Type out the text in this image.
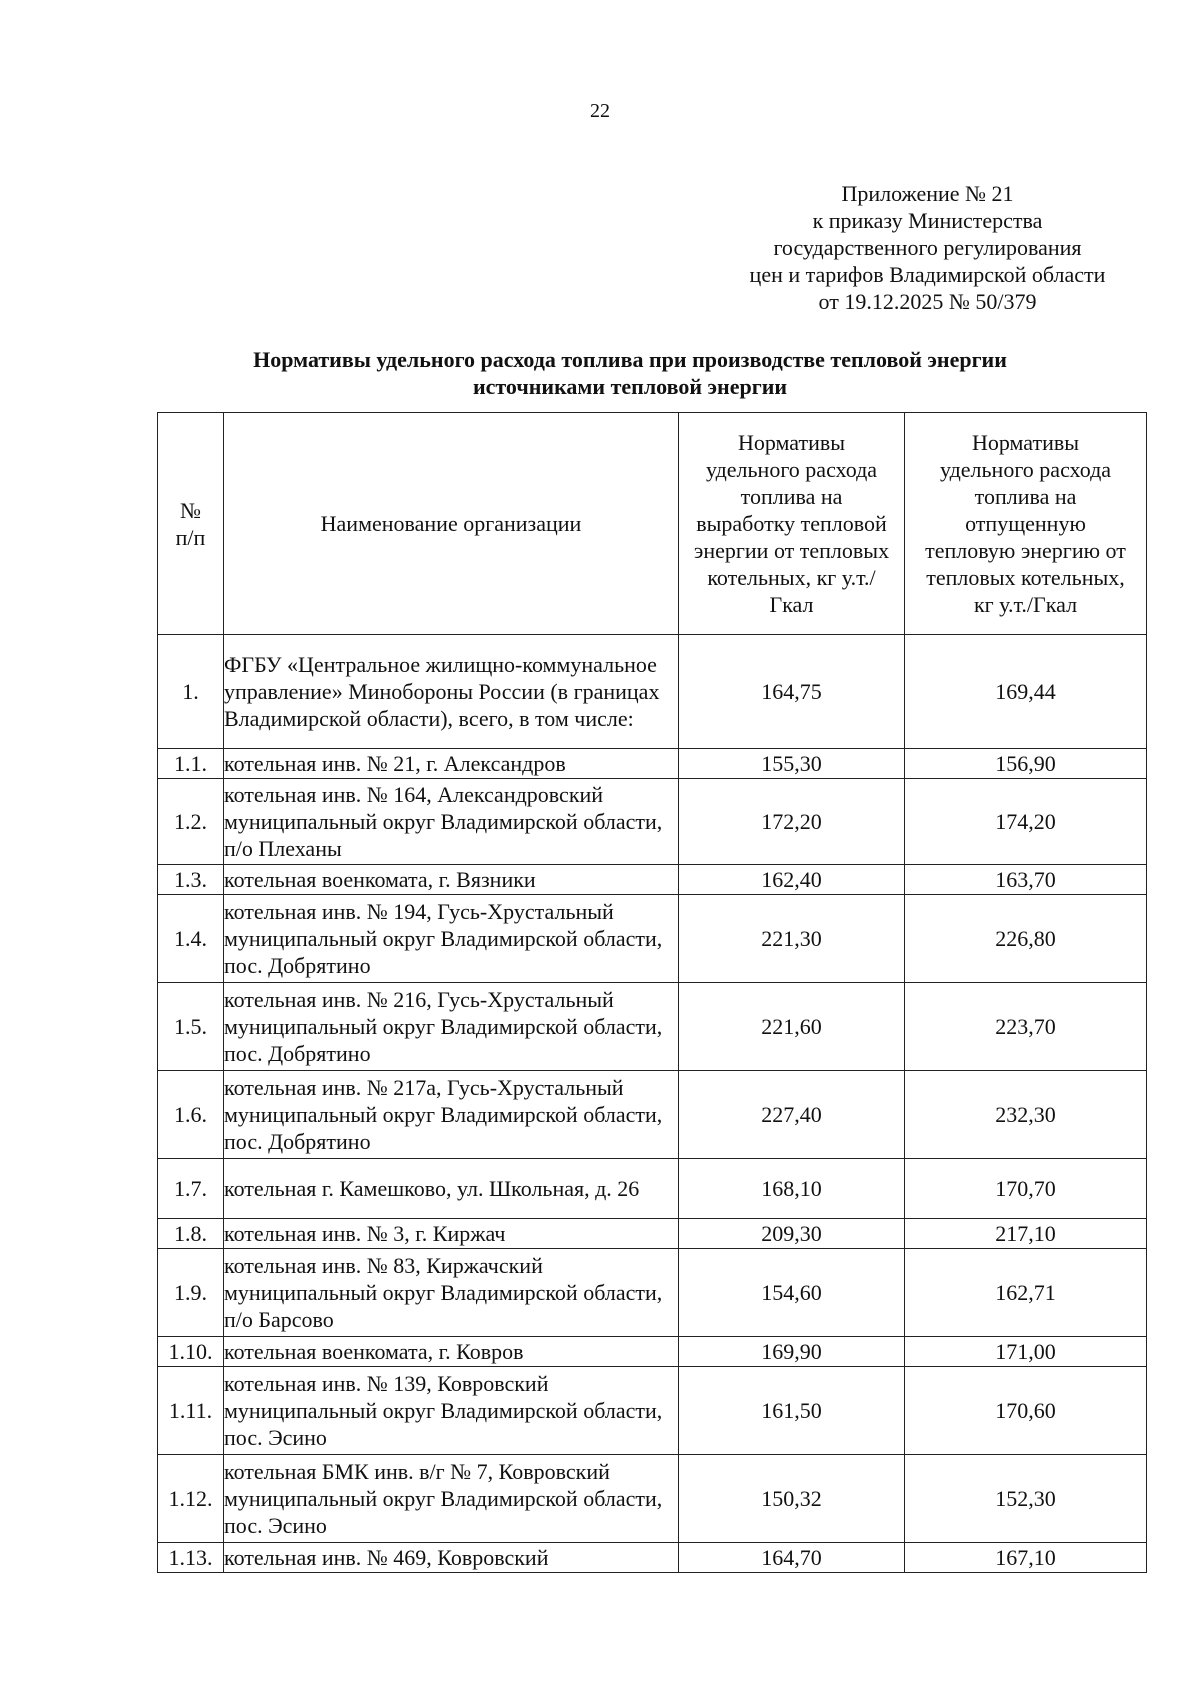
22
Приложение № 21
к приказу Министерства
государственного регулирования
цен и тарифов Владимирской области
от 19.12.2025 № 50/379
Нормативы удельного расхода топлива при производстве тепловой энергии
источниками тепловой энергии
№ п/п	Наименование организации	Нормативы удельного расхода топлива на выработку тепловой энергии от тепловых котельных, кг у.т./Гкал	Нормативы удельного расхода топлива на отпущенную тепловую энергию от тепловых котельных, кг у.т./Гкал

1.	ФГБУ «Центральное жилищно-коммунальное управление» Минобороны России (в границах Владимирской области), всего, в том числе:	164,75	169,44
1.1.	котельная инв. № 21, г. Александров	155,30	156,90
1.2.	котельная инв. № 164, Александровский муниципальный округ Владимирской области, п/о Плеханы	172,20	174,20
1.3.	котельная военкомата, г. Вязники	162,40	163,70
1.4.	котельная инв. № 194, Гусь-Хрустальный муниципальный округ Владимирской области, пос. Добрятино	221,30	226,80
1.5.	котельная инв. № 216, Гусь-Хрустальный муниципальный округ Владимирской области, пос. Добрятино	221,60	223,70
1.6.	котельная инв. № 217а, Гусь-Хрустальный муниципальный округ Владимирской области, пос. Добрятино	227,40	232,30
1.7.	котельная г. Камешково, ул. Школьная, д. 26	168,10	170,70
1.8.	котельная инв. № 3, г. Киржач	209,30	217,10
1.9.	котельная инв. № 83, Киржачский муниципальный округ Владимирской области, п/о Барсово	154,60	162,71
1.10.	котельная военкомата, г. Ковров	169,90	171,00
1.11.	котельная инв. № 139, Ковровский муниципальный округ Владимирской области, пос. Эсино	161,50	170,60
1.12.	котельная БМК инв. в/г № 7, Ковровский муниципальный округ Владимирской области, пос. Эсино	150,32	152,30
1.13.	котельная инв. № 469, Ковровский	164,70	167,10
